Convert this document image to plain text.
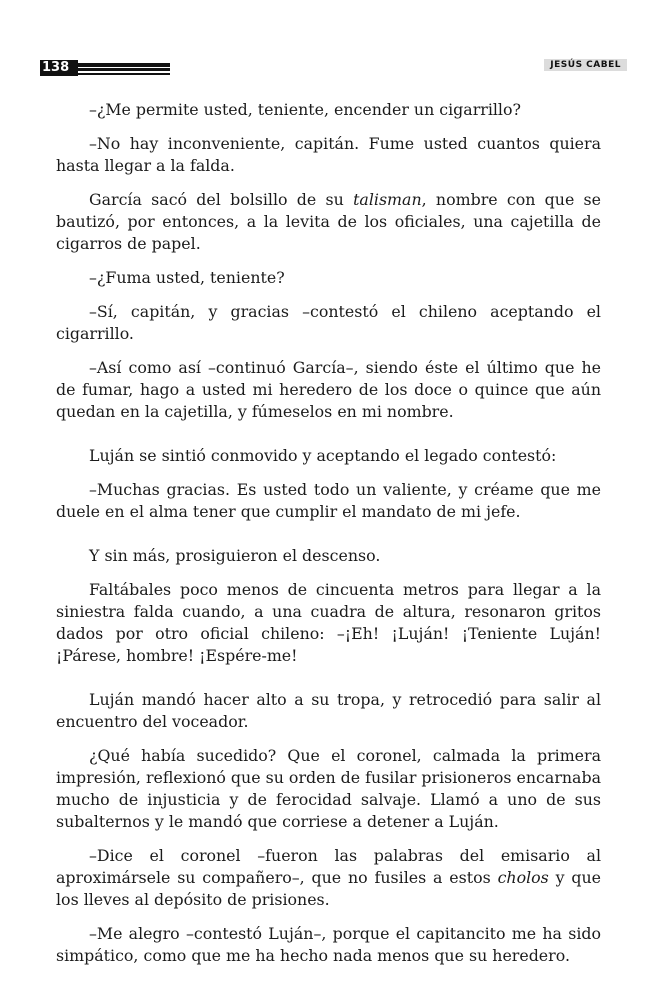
138	JESÚS CABEL

–¿Me permite usted, teniente, encender un cigarrillo?

–No hay inconveniente, capitán. Fume usted cuantos quiera hasta llegar a la falda.

García sacó del bolsillo de su talisman, nombre con que se bautizó, por entonces, a la levita de los oficiales, una cajetilla de cigarros de papel.

–¿Fuma usted, teniente?

–Sí, capitán, y gracias –contestó el chileno aceptando el cigarrillo.

–Así como así –continuó García–, siendo éste el último que he de fumar, hago a usted mi heredero de los doce o quince que aún quedan en la cajetilla, y fúmeselos en mi nombre.

Luján se sintió conmovido y aceptando el legado contestó:

–Muchas gracias. Es usted todo un valiente, y créame que me duele en el alma tener que cumplir el mandato de mi jefe.

Y sin más, prosiguieron el descenso.

Faltábales poco menos de cincuenta metros para llegar a la siniestra falda cuando, a una cuadra de altura, resonaron gritos dados por otro oficial chileno: –¡Eh! ¡Luján! ¡Teniente Luján! ¡Párese, hombre! ¡Espére-me!

Luján mandó hacer alto a su tropa, y retrocedió para salir al encuentro del voceador.

¿Qué había sucedido? Que el coronel, calmada la primera impresión, reflexionó que su orden de fusilar prisioneros encarnaba mucho de injusticia y de ferocidad salvaje. Llamó a uno de sus subalternos y le mandó que corriese a detener a Luján.

–Dice el coronel –fueron las palabras del emisario al aproximársele su compañero–, que no fusiles a estos cholos y que los lleves al depósito de prisiones.

–Me alegro –contestó Luján–, porque el capitancito me ha sido simpático, como que me ha hecho nada menos que su heredero.
